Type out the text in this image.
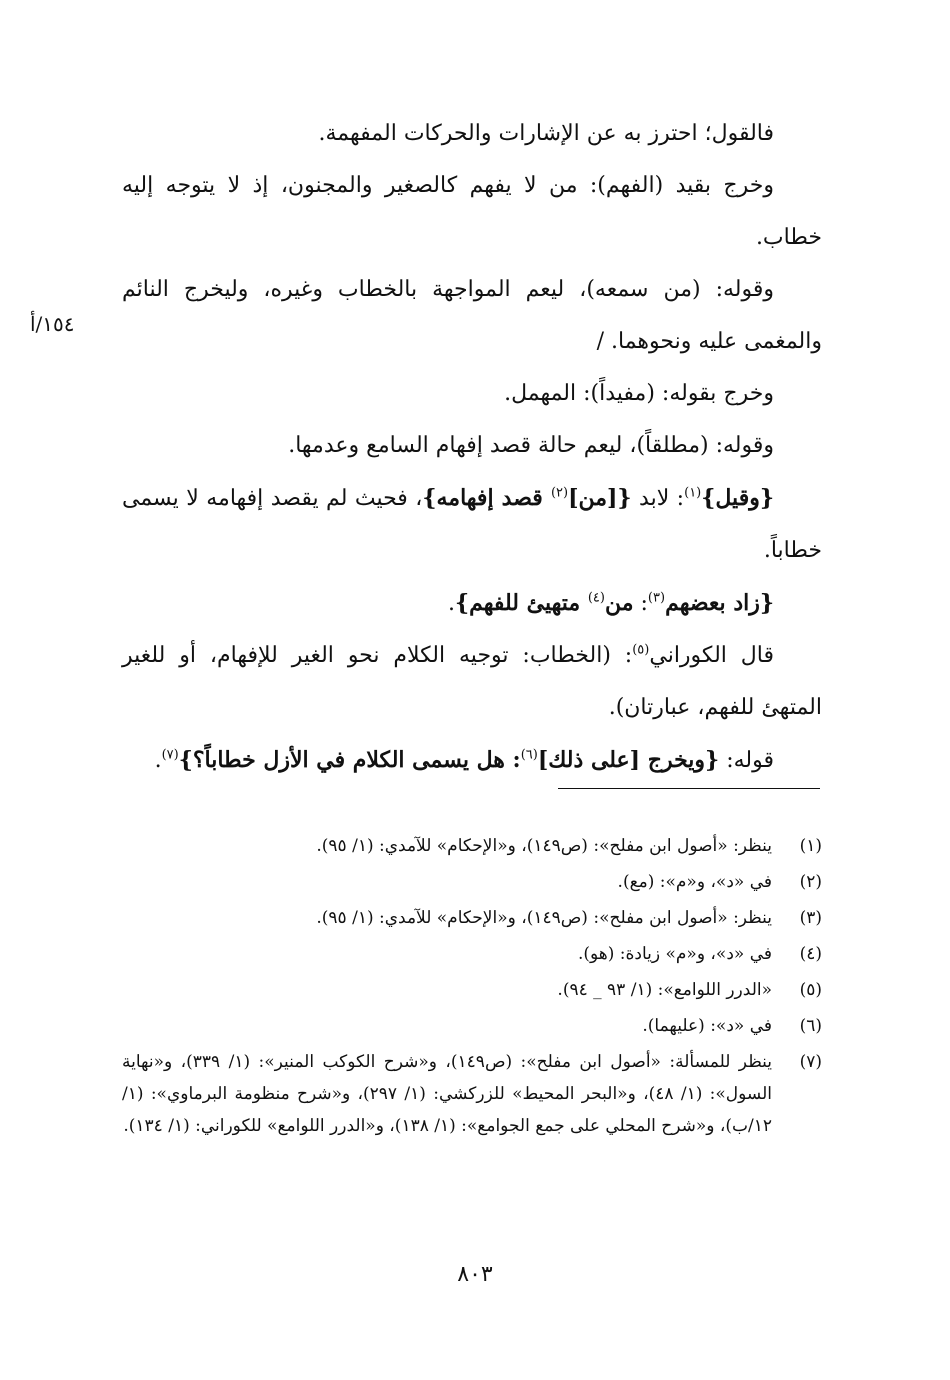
فالقول؛ احترز به عن الإشارات والحركات المفهمة.

وخرج بقيد (الفهم): من لا يفهم كالصغير والمجنون، إذ لا يتوجه إليه خطاب.

وقوله: (من سمعه)، ليعم المواجهة بالخطاب وغيره، وليخرج النائم والمغمى عليه ونحوهما. /

وخرج بقوله: (مفيداً): المهمل.

وقوله: (مطلقاً)، ليعم حالة قصد إفهام السامع وعدمها.

{وقيل}$^{(١)}$: لابد {[من]$^{(٢)}$ قصد إفهامه}، فحيث لم يقصد إفهامه لا يسمى خطاباً.

{زاد بعضهم$^{(٣)}$: من$^{(٤)}$ متهيئ للفهم}.

قال الكوراني$^{(٥)}$: (الخطاب: توجيه الكلام نحو الغير للإفهام، أو للغير المتهئ للفهم، عبارتان).

قوله: {ويخرج [على ذلك]$^{(٦)}$: هل يسمى الكلام في الأزل خطاباً؟}$^{(٧)}$.

١٥٤/أ
(١)
ينظر: «أصول ابن مفلح»: (ص١٤٩)، و«الإحكام» للآمدي: (١/ ٩٥).
(٢)
في «د»، و«م»: (مع).
(٣)
ينظر: «أصول ابن مفلح»: (ص١٤٩)، و«الإحكام» للآمدي: (١/ ٩٥).
(٤)
في «د»، و«م» زيادة: (هو).
(٥)
«الدرر اللوامع»: (١/ ٩٣ _ ٩٤).
(٦)
في «د»: (عليهما).
(٧)
ينظر للمسألة: «أصول ابن مفلح»: (ص١٤٩)، و«شرح الكوكب المنير»: (١/ ٣٣٩)، و«نهاية السول»: (١/ ٤٨)، و«البحر المحيط» للزركشي: (١/ ٢٩٧)، و«شرح منظومة البرماوي»: (١/ ١٢/ب)، و«شرح المحلي على جمع الجوامع»: (١/ ١٣٨)، و«الدرر اللوامع» للكوراني: (١/ ١٣٤).
٨٠٣
